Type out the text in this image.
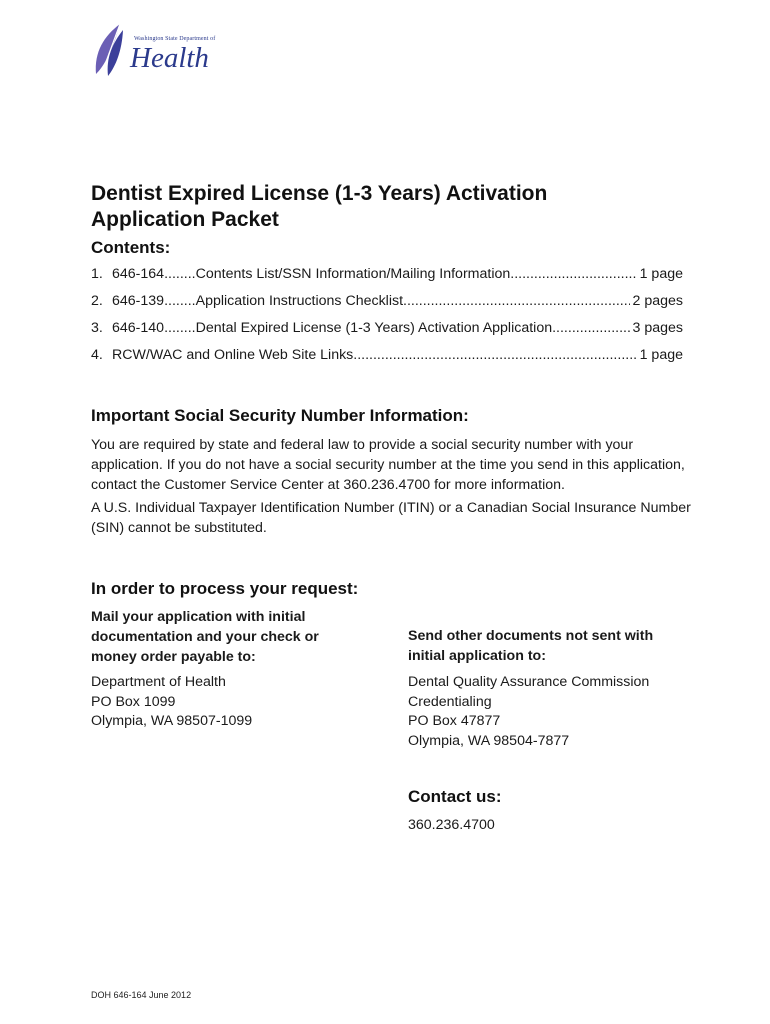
Washington State Department of
Health
Dentist Expired License (1-3 Years) Activation Application Packet
Contents:
1. 646-164 ........ Contents List/SSN Information/Mailing Information .....	1 page
2. 646-139 ........ Application Instructions Checklist .....	2 pages
3. 646-140 ........ Dental Expired License (1-3 Years) Activation Application .....	3 pages
4. RCW/WAC and Online Web Site Links .....	1 page
Important Social Security Number Information:

You are required by state and federal law to provide a social security number with your application. If you do not have a social security number at the time you send in this application, contact the Customer Service Center at 360.236.4700 for more information.

A U.S. Individual Taxpayer Identification Number (ITIN) or a Canadian Social Insurance Number (SIN) cannot be substituted.

In order to process your request:
Mail your application with initial documentation and your check or money order payable to:
Department of Health
PO Box 1099
Olympia, WA 98507-1099
Send other documents not sent with initial application to:
Dental Quality Assurance Commission
Credentialing
PO Box 47877
Olympia, WA 98504-7877
Contact us:
360.236.4700
DOH 646-164 June 2012
